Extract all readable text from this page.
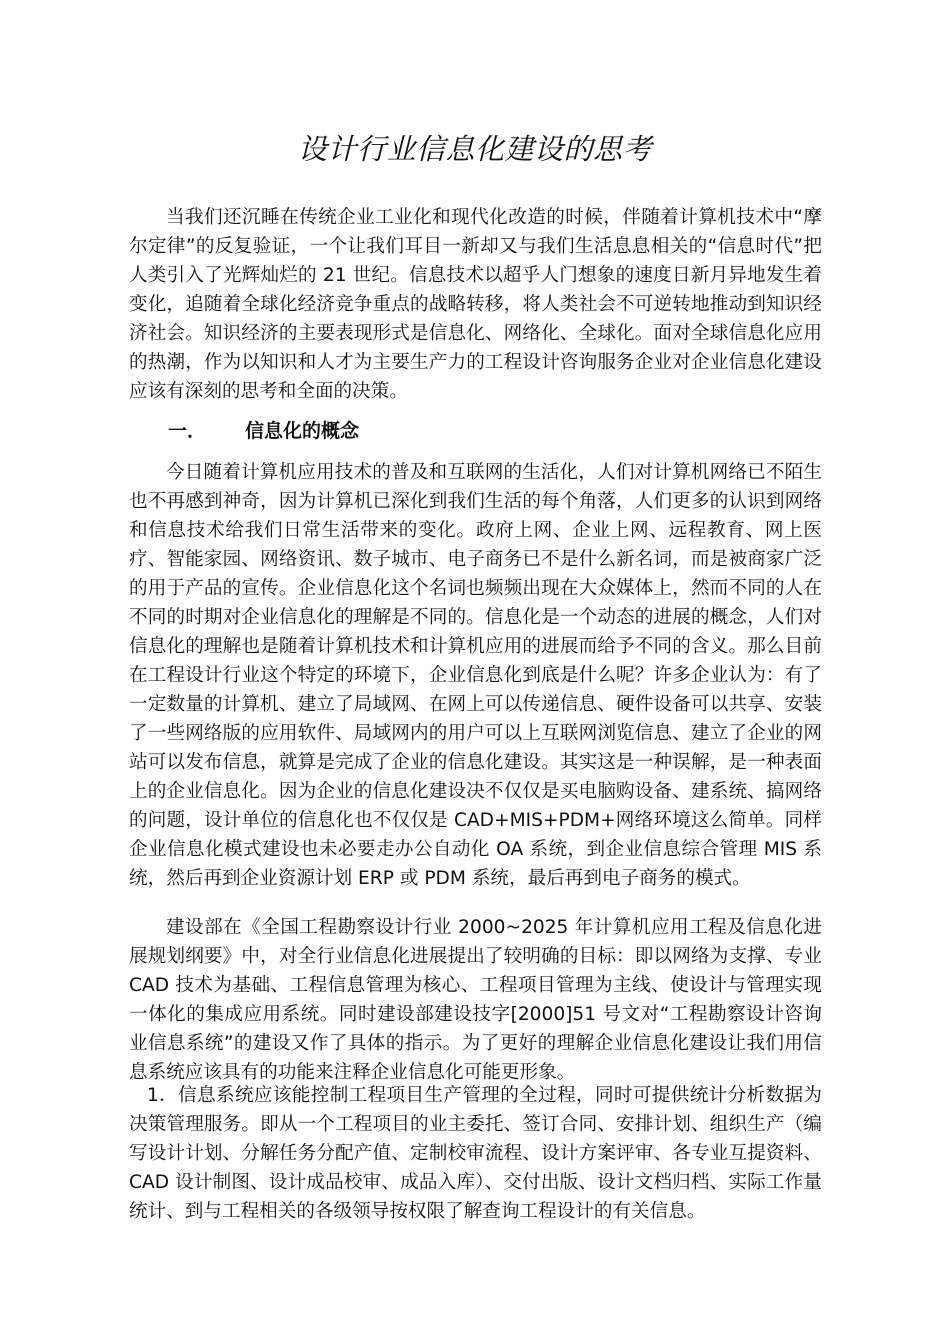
设计行业信息化建设的思考

当我们还沉睡在传统企业工业化和现代化改造的时候，伴随着计算机技术中“摩尔定律”的反复验证，一个让我们耳目一新却又与我们生活息息相关的“信息时代”把人类引入了光辉灿烂的 21 世纪。信息技术以超乎人门想象的速度日新月异地发生着变化，追随着全球化经济竞争重点的战略转移，将人类社会不可逆转地推动到知识经济社会。知识经济的主要表现形式是信息化、网络化、全球化。面对全球信息化应用的热潮，作为以知识和人才为主要生产力的工程设计咨询服务企业对企业信息化建设应该有深刻的思考和全面的决策。

一． 信息化的概念

今日随着计算机应用技术的普及和互联网的生活化，人们对计算机网络已不陌生也不再感到神奇，因为计算机已深化到我们生活的每个角落，人们更多的认识到网络和信息技术给我们日常生活带来的变化。政府上网、企业上网、远程教育、网上医疗、智能家园、网络资讯、数子城市、电子商务已不是什么新名词，而是被商家广泛的用于产品的宣传。企业信息化这个名词也频频出现在大众媒体上，然而不同的人在不同的时期对企业信息化的理解是不同的。信息化是一个动态的进展的概念，人们对信息化的理解也是随着计算机技术和计算机应用的进展而给予不同的含义。那么目前在工程设计行业这个特定的环境下，企业信息化到底是什么呢？许多企业认为：有了一定数量的计算机、建立了局域网、在网上可以传递信息、硬件设备可以共享、安装了一些网络版的应用软件、局域网内的用户可以上互联网浏览信息、建立了企业的网站可以发布信息，就算是完成了企业的信息化建设。其实这是一种误解，是一种表面上的企业信息化。因为企业的信息化建设决不仅仅是买电脑购设备、建系统、搞网络的问题，设计单位的信息化也不仅仅是 CAD+MIS+PDM+网络环境这么简单。同样企业信息化模式建设也未必要走办公自动化 OA 系统，到企业信息综合管理 MIS 系统，然后再到企业资源计划 ERP 或 PDM 系统，最后再到电子商务的模式。

建设部在《全国工程勘察设计行业 2000~2025 年计算机应用工程及信息化进展规划纲要》中，对全行业信息化进展提出了较明确的目标：即以网络为支撑、专业 CAD 技术为基础、工程信息管理为核心、工程项目管理为主线、使设计与管理实现一体化的集成应用系统。同时建设部建设技字[2000]51 号文对“工程勘察设计咨询业信息系统”的建设又作了具体的指示。为了更好的理解企业信息化建设让我们用信息系统应该具有的功能来注释企业信息化可能更形象。

1．信息系统应该能控制工程项目生产管理的全过程，同时可提供统计分析数据为决策管理服务。即从一个工程项目的业主委托、签订合同、安排计划、组织生产（编写设计计划、分解任务分配产值、定制校审流程、设计方案评审、各专业互提资料、CAD 设计制图、设计成品校审、成品入库）、交付出版、设计文档归档、实际工作量统计、到与工程相关的各级领导按权限了解查询工程设计的有关信息。
